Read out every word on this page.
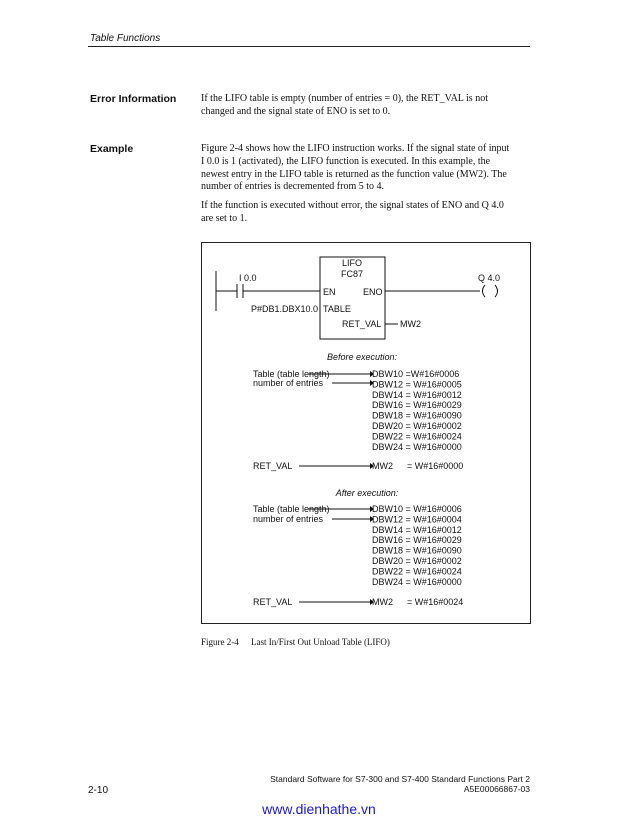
Table Functions
Error Information If the LIFO table is empty (number of entries = 0), the RET_VAL is not
changed and the signal state of ENO is set to 0.
Example	Figure 2-4 shows how the LIFO instruction works. If the signal state of input
I 0.0 is 1 (activated), the LIFO function is executed. In this example, the
newest entry in the LIFO table is returned as the function value (MW2). The
number of entries is decremented from 5 to 4.
If the function is executed without error, the signal states of ENO and Q 4.0
are set to 1.
LIFO
FC87
I 0.0	Q 4.0
EN	ENO
TABLE
RET_VAL
P#DB1.DBX10.0
MW2
Before execution:
Table (table length)
number of entries
DBW10 =W#16#0006
DBW12 = W#16#0005
DBW14 = W#16#0012
DBW16 = W#16#0029
DBW18 = W#16#0090
DBW20 = W#16#0002
DBW22 = W#16#0024
DBW24 = W#16#0000
RET_VAL	MW2 = W#16#0000
After execution:
Table (table length)
number of entries
DBW10 = W#16#0006
DBW12 = W#16#0004
DBW14 = W#16#0012
DBW16 = W#16#0029
DBW18 = W#16#0090
DBW20 = W#16#0002
DBW22 = W#16#0024
DBW24 = W#16#0000
RET_VAL	MW2 = W#16#0024
Figure 2-4 Last In/First Out Unload Table (LIFO)
Standard Software for S7-300 and S7-400 Standard Functions Part 2
A5E00066867-03
2-10
www.dienhathe.vn
